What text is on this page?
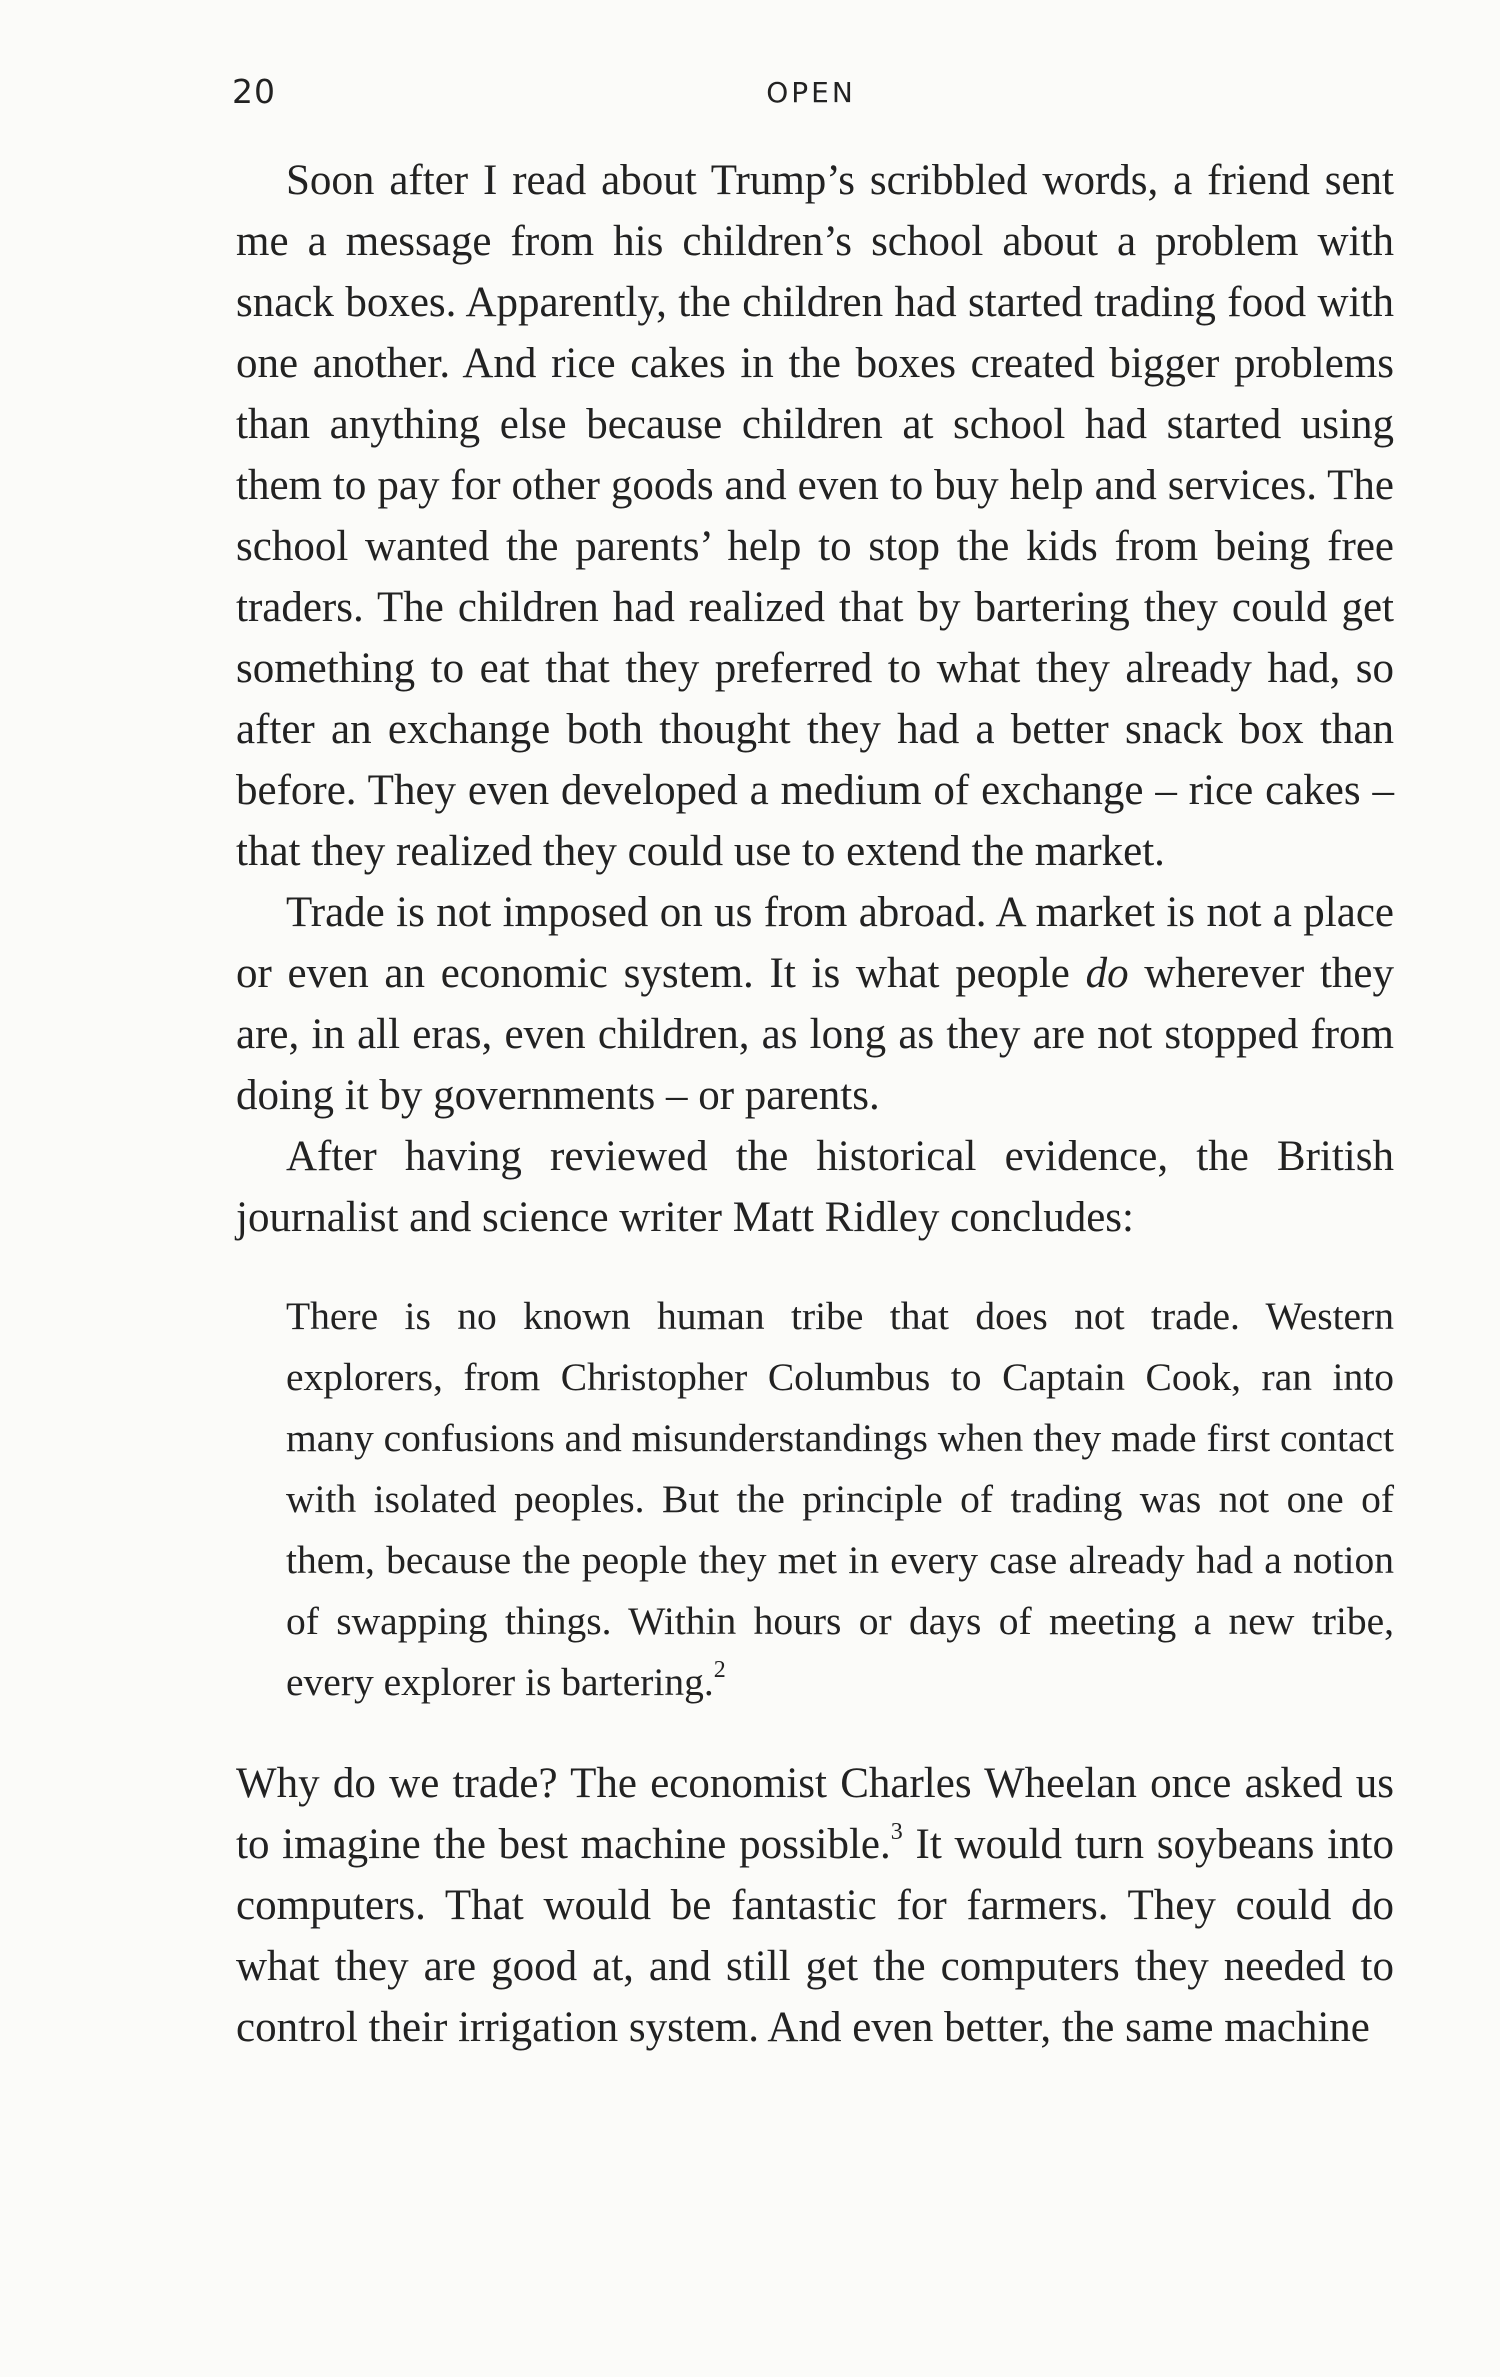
20	OPEN

Soon after I read about Trump’s scribbled words, a friend sent me a message from his children’s school about a problem with snack boxes. Apparently, the children had started trading food with one another. And rice cakes in the boxes created bigger problems than anything else because children at school had started using them to pay for other goods and even to buy help and services. The school wanted the parents’ help to stop the kids from being free traders. The children had realized that by bartering they could get something to eat that they preferred to what they already had, so after an exchange both thought they had a better snack box than before. They even developed a medium of exchange – rice cakes – that they realized they could use to extend the market.

Trade is not imposed on us from abroad. A market is not a place or even an economic system. It is what people do wherever they are, in all eras, even children, as long as they are not stopped from doing it by governments – or parents.

After having reviewed the historical evidence, the British journalist and science writer Matt Ridley concludes:

There is no known human tribe that does not trade. Western explorers, from Christopher Columbus to Captain Cook, ran into many confusions and misunderstandings when they made first contact with isolated peoples. But the principle of trading was not one of them, because the people they met in every case already had a notion of swapping things. Within hours or days of meeting a new tribe, every explorer is bartering.$^2$

Why do we trade? The economist Charles Wheelan once asked us to imagine the best machine possible.$^3$ It would turn soybeans into computers. That would be fantastic for farmers. They could do what they are good at, and still get the computers they needed to control their irrigation system. And even better, the same machine
